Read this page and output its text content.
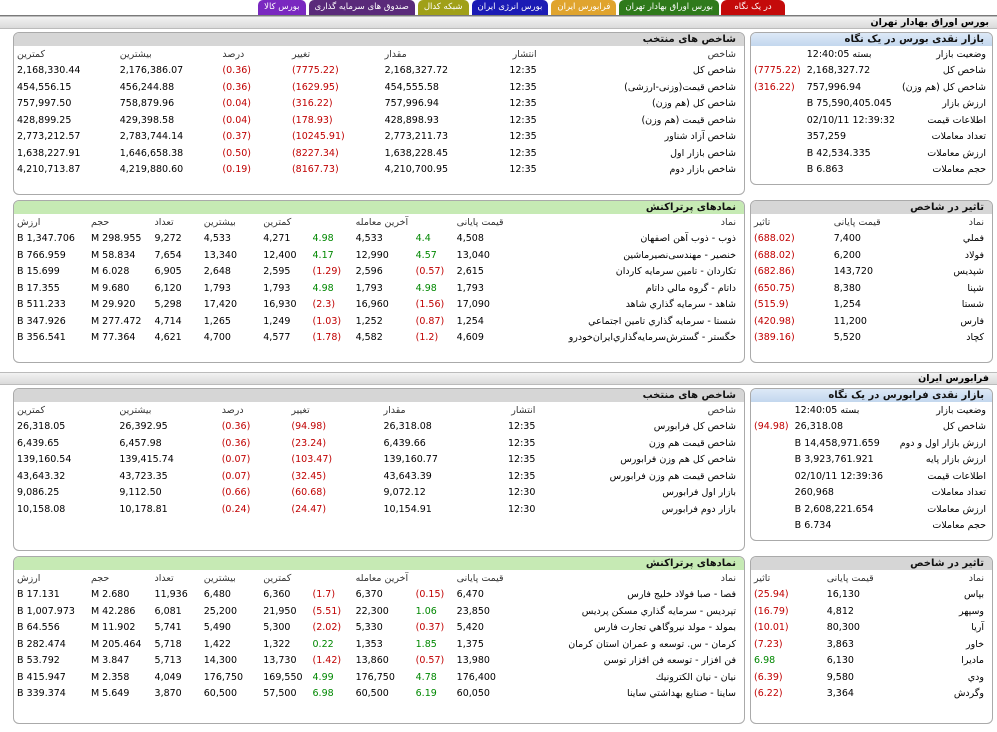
در یک نگاه
بورس اوراق بهادار تهران
فرابورس ایران
بورس انرژی ایران
شبکه کدال
صندوق های سرمایه گذاری
بورس کالا
بورس اوراق بهادار تهران
بازار نقدی بورس در یک نگاه
وضعیت بازار	بسته 12:40:05	
شاخص کل	2,168,327.72	(7775.22)
شاخص کل (هم وزن)	757,996.94	(316.22)
ارزش بازار	75,590,405.045 B	
اطلاعات قیمت	12:39:32 02/10/11	
تعداد معاملات	357,259	
ارزش معاملات	42,534.335 B	
حجم معاملات	6.863 B	
شاخص های منتخب
شاخص	انتشار	مقدار	تغییر	درصد	بیشترین	کمترین
شاخص کل	12:35	2,168,327.72	(7775.22)	(0.36)	2,176,386.07	2,168,330.44
شاخص قیمت(وزنی-ارزشی)	12:35	454,555.58	(1629.95)	(0.36)	456,244.88	454,556.15
شاخص کل (هم وزن)	12:35	757,996.94	(316.22)	(0.04)	758,879.96	757,997.50
شاخص قیمت (هم وزن)	12:35	428,898.93	(178.93)	(0.04)	429,398.58	428,899.25
شاخص آزاد شناور	12:35	2,773,211.73	(10245.91)	(0.37)	2,783,744.14	2,773,212.57
شاخص بازار اول	12:35	1,638,228.45	(8227.34)	(0.50)	1,646,658.38	1,638,227.91
شاخص بازار دوم	12:35	4,210,700.95	(8167.73)	(0.19)	4,219,880.60	4,210,713.87
تاثیر در شاخص
نماد	قیمت پایانی	تاثیر
فملي	7,400	(688.02)
فولاد	6,200	(688.02)
شپديس	143,720	(682.86)
شپنا	8,380	(650.75)
شستا	1,254	(515.9)
فارس	11,200	(420.98)
كچاد	5,520	(389.16)
نمادهای پرتراکنش
نماد	قیمت پایانی		آخرین معامله		کمترین	بیشترین	تعداد	حجم	ارزش
ذوب - ذوب آهن اصفهان	4,508	4.4	4,533	4.98	4,271	4,533	9,272	298.955 M	1,347.706 B
خنصير - مهندسی‌نصيرماشين	13,040	4.57	12,990	4.17	12,400	13,340	7,654	58.834 M	766.959 B
تكاردان - تامين سرمايه كاردان	2,615	(0.57)	2,596	(1.29)	2,595	2,648	6,905	6.028 M	15.699 B
داتام - گروه مالي داتام	1,793	4.98	1,793	4.98	1,793	1,793	6,120	9.680 M	17.355 B
شاهد - سرمايه گذاري شاهد	17,090	(1.56)	16,960	(2.3)	16,930	17,420	5,298	29.920 M	511.233 B
شستا - سرمايه گذاري تامين اجتماعي	1,254	(0.87)	1,252	(1.03)	1,249	1,265	4,714	277.472 M	347.926 B
خگستر - گسترش‌سرمايه‌گذاري‌ايران‌خودرو	4,609	(1.2)	4,582	(1.78)	4,577	4,700	4,621	77.364 M	356.541 B
فرابورس ایران
بازار نقدی فرابورس در یک نگاه
وضعیت بازار	بسته 12:40:05	
شاخص کل	26,318.08	(94.98)
ارزش بازار اول و دوم	14,458,971.659 B	
ارزش بازار پایه	3,923,761.921 B	
اطلاعات قیمت	12:39:36 02/10/11	
تعداد معاملات	260,968	
ارزش معاملات	2,608,221.654 B	
حجم معاملات	6.734 B	
شاخص های منتخب
شاخص	انتشار	مقدار	تغییر	درصد	بیشترین	کمترین
شاخص کل فرابورس	12:35	26,318.08	(94.98)	(0.36)	26,392.95	26,318.05
شاخص قیمت هم وزن	12:35	6,439.66	(23.24)	(0.36)	6,457.98	6,439.65
شاخص کل هم وزن فرابورس	12:35	139,160.77	(103.47)	(0.07)	139,415.74	139,160.54
شاخص قیمت هم وزن فرابورس	12:35	43,643.39	(32.45)	(0.07)	43,723.35	43,643.32
بازار اول فرابورس	12:30	9,072.12	(60.68)	(0.66)	9,112.50	9,086.25
بازار دوم فرابورس	12:30	10,154.91	(24.47)	(0.24)	10,178.81	10,158.08
تاثیر در شاخص
نماد	قیمت پایانی	تاثیر
بپاس	16,130	(25.94)
وسپهر	4,812	(16.79)
آريا	80,300	(10.01)
خاور	3,863	(7.23)
ماديرا	6,130	6.98
ودي	9,580	(6.39)
وگردش	3,364	(6.22)
نمادهای پرتراکنش
نماد	قیمت پایانی		آخرین معامله		کمترین	بیشترین	تعداد	حجم	ارزش
فصا - صبا فولاد خليج فارس	6,470	(0.15)	6,370	(1.7)	6,360	6,480	11,936	2.680 M	17.131 B
تپرديس - سرمايه گذاري مسكن پرديس	23,850	1.06	22,300	(5.51)	21,950	25,200	6,081	42.286 M	1,007.973 B
بمولد - مولد نيروگاهي تجارت فارس	5,420	(0.37)	5,330	(2.02)	5,300	5,490	5,741	11.902 M	64.556 B
كرمان - س. توسعه و عمران استان كرمان	1,375	1.85	1,353	0.22	1,322	1,422	5,718	205.464 M	282.474 B
فن افزار - توسعه فن افزار توسن	13,980	(0.57)	13,860	(1.42)	13,730	14,300	5,713	3.847 M	53.792 B
نيان - نيان الكترونيك	176,400	4.78	176,750	4.99	169,550	176,750	4,049	2.358 M	415.947 B
ساينا - صنايع بهداشتي ساينا	60,050	6.19	60,500	6.98	57,500	60,500	3,870	5.649 M	339.374 B
